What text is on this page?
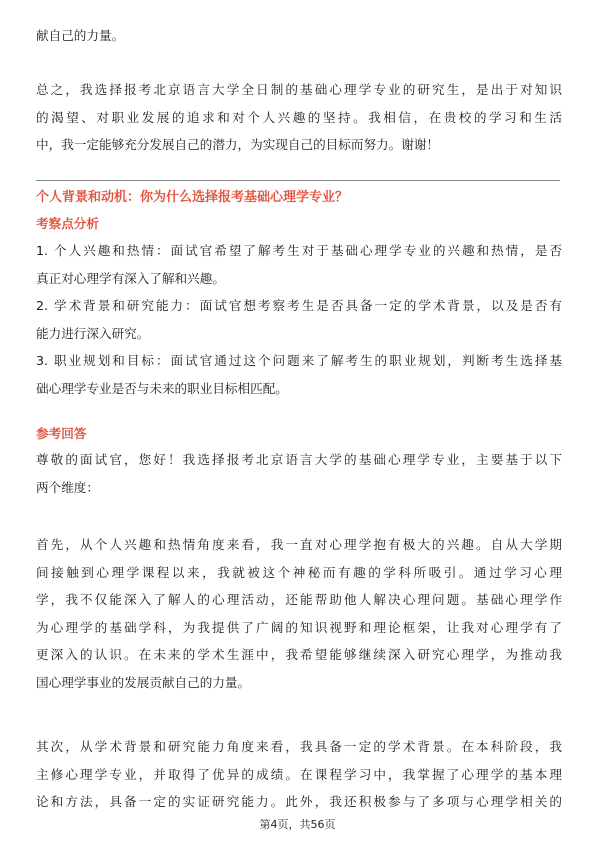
献自己的力量。

总之，我选择报考北京语言大学全日制的基础心理学专业的研究生，是出于对知识
的渴望、对职业发展的追求和对个人兴趣的坚持。我相信，在贵校的学习和生活
中，我一定能够充分发展自己的潜力，为实现自己的目标而努力。谢谢！

个人背景和动机：你为什么选择报考基础心理学专业？

考察点分析

1. 个人兴趣和热情：面试官希望了解考生对于基础心理学专业的兴趣和热情，是否
真正对心理学有深入了解和兴趣。
2. 学术背景和研究能力：面试官想考察考生是否具备一定的学术背景，以及是否有
能力进行深入研究。
3. 职业规划和目标：面试官通过这个问题来了解考生的职业规划，判断考生选择基
础心理学专业是否与未来的职业目标相匹配。

参考回答

尊敬的面试官，您好！我选择报考北京语言大学的基础心理学专业，主要基于以下
两个维度：

首先，从个人兴趣和热情角度来看，我一直对心理学抱有极大的兴趣。自从大学期
间接触到心理学课程以来，我就被这个神秘而有趣的学科所吸引。通过学习心理
学，我不仅能深入了解人的心理活动，还能帮助他人解决心理问题。基础心理学作
为心理学的基础学科，为我提供了广阔的知识视野和理论框架，让我对心理学有了
更深入的认识。在未来的学术生涯中，我希望能够继续深入研究心理学，为推动我
国心理学事业的发展贡献自己的力量。

其次，从学术背景和研究能力角度来看，我具备一定的学术背景。在本科阶段，我
主修心理学专业，并取得了优异的成绩。在课程学习中，我掌握了心理学的基本理
论和方法，具备一定的实证研究能力。此外，我还积极参与了多项与心理学相关的

第4页，共56页
